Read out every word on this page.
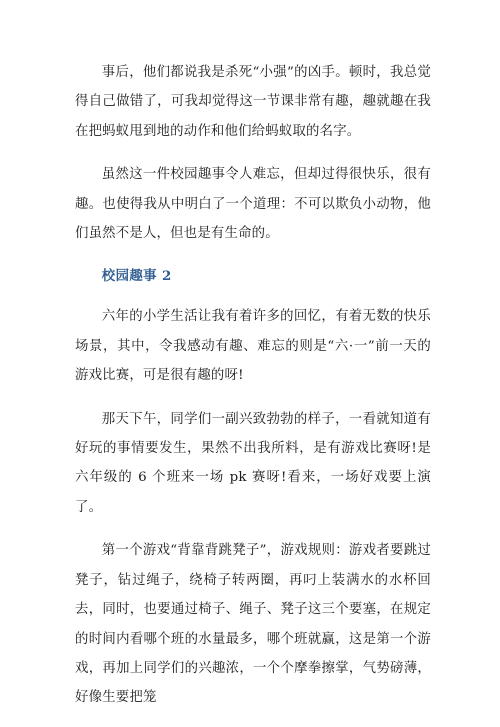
事后，他们都说我是杀死“小强”的凶手。顿时，我总觉得自己做错了，可我却觉得这一节课非常有趣，趣就趣在我在把蚂蚁甩到地的动作和他们给蚂蚁取的名字。

虽然这一件校园趣事令人难忘，但却过得很快乐，很有趣。也使得我从中明白了一个道理：不可以欺负小动物，他们虽然不是人，但也是有生命的。

校园趣事 2

六年的小学生活让我有着许多的回忆，有着无数的快乐场景，其中，令我感动有趣、难忘的则是“六·一”前一天的游戏比赛，可是很有趣的呀!

那天下午，同学们一副兴致勃勃的样子，一看就知道有好玩的事情要发生，果然不出我所料，是有游戏比赛呀!是六年级的 6 个班来一场 pk 赛呀!看来，一场好戏要上演了。

第一个游戏“背靠背跳凳子”，游戏规则：游戏者要跳过凳子，钻过绳子，绕椅子转两圈，再叼上装满水的水杯回去，同时，也要通过椅子、绳子、凳子这三个要塞，在规定的时间内看哪个班的水量最多，哪个班就赢，这是第一个游戏，再加上同学们的兴趣浓，一个个摩拳擦掌，气势磅薄，好像生要把笼
